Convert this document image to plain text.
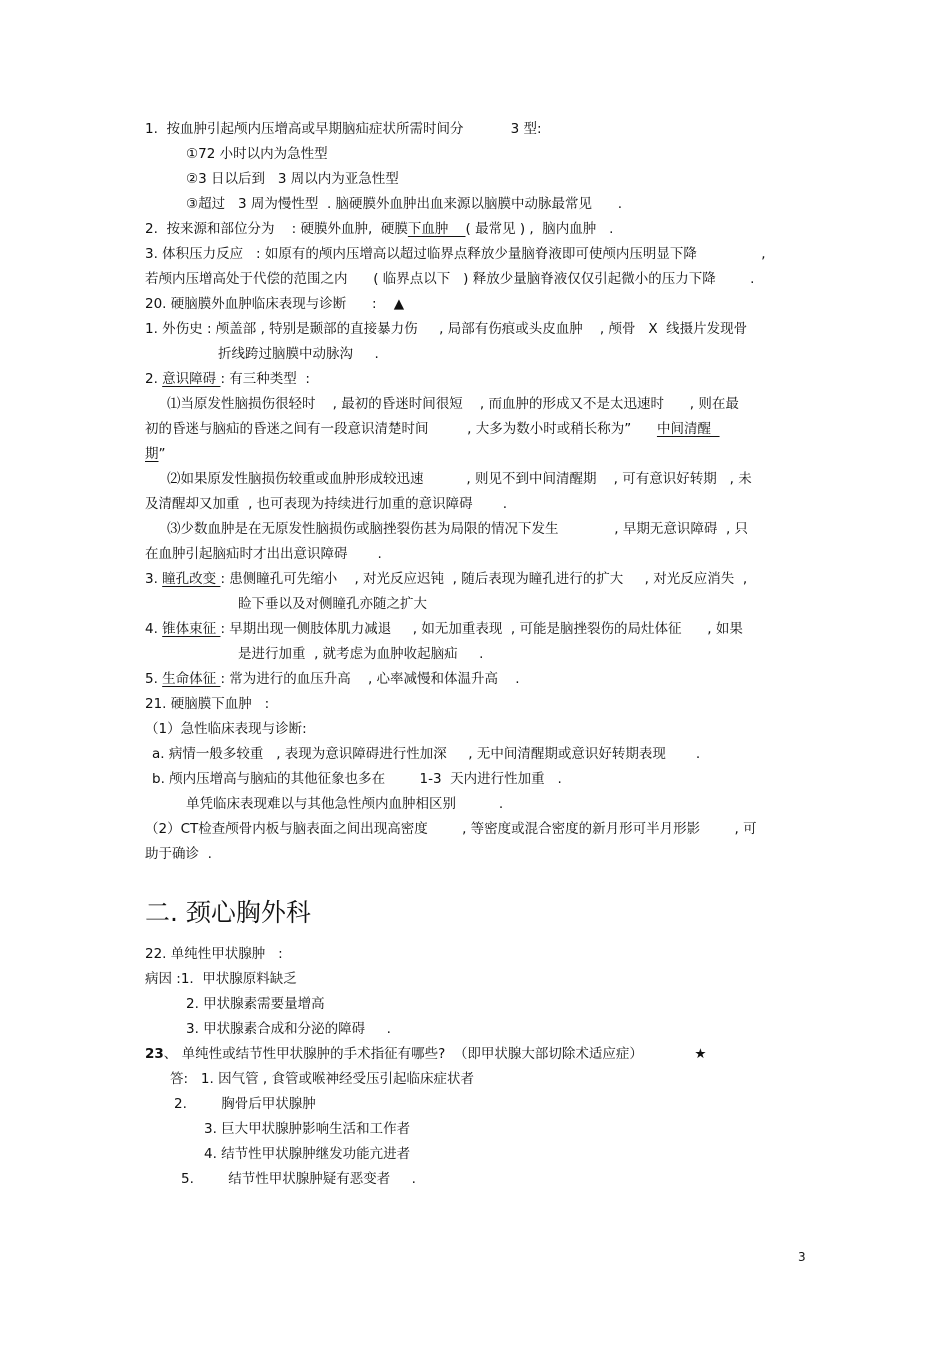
1.  按血肿引起颅内压增高或早期脑疝症状所需时间分           3 型:
①72 小时以内为急性型
②3 日以后到   3 周以内为亚急性型
③超过   3 周为慢性型  . 脑硬膜外血肿出血来源以脑膜中动脉最常见      .
2.  按来源和部位分为    : 硬膜外血肿,  硬膜下血肿    ( 最常见 ) ,  脑内血肿   .
3. 体积压力反应   : 如原有的颅内压增高以超过临界点释放少量脑脊液即可使颅内压明显下降               ,
若颅内压增高处于代偿的范围之内      ( 临界点以下   ) 释放少量脑脊液仅仅引起微小的压力下降        .
20. 硬脑膜外血肿临床表现与诊断      :    ▲
1. 外伤史 : 颅盖部 , 特别是颞部的直接暴力伤     , 局部有伤痕或头皮血肿    , 颅骨   X  线摄片发现骨
折线跨过脑膜中动脉沟     .
2. 意识障碍 : 有三种类型  :
⑴当原发性脑损伤很轻时    , 最初的昏迷时间很短    , 而血肿的形成又不是太迅速时      , 则在最
初的昏迷与脑疝的昏迷之间有一段意识清楚时间         , 大多为数小时或稍长称为”      中间清醒
期”
⑵如果原发性脑损伤较重或血肿形成较迅速          , 则见不到中间清醒期    , 可有意识好转期   , 未
及清醒却又加重  , 也可表现为持续进行加重的意识障碍       .
⑶少数血肿是在无原发性脑损伤或脑挫裂伤甚为局限的情况下发生             , 早期无意识障碍  , 只
在血肿引起脑疝时才出出意识障碍       .
3. 瞳孔改变 : 患侧瞳孔可先缩小    , 对光反应迟钝  , 随后表现为瞳孔进行的扩大     , 对光反应消失  ,
睑下垂以及对侧瞳孔亦随之扩大
4. 锥体束征 : 早期出现一侧肢体肌力减退     , 如无加重表现  , 可能是脑挫裂伤的局灶体征      , 如果
是进行加重  , 就考虑为血肿收起脑疝     .
5. 生命体征 : 常为进行的血压升高    , 心率减慢和体温升高    .
21. 硬脑膜下血肿   :
（1）急性临床表现与诊断:
a. 病情一般多较重   , 表现为意识障碍进行性加深     , 无中间清醒期或意识好转期表现       .
b. 颅内压增高与脑疝的其他征象也多在        1-3  天内进行性加重   .
单凭临床表现难以与其他急性颅内血肿相区别          .
（2）CT检查颅骨内板与脑表面之间出现高密度        , 等密度或混合密度的新月形可半月形影        , 可
助于确诊  .
二. 颈心胸外科
22. 单纯性甲状腺肿   :
病因 :1.  甲状腺原料缺乏
2. 甲状腺素需要量增高
3. 甲状腺素合成和分泌的障碍     .
23、 单纯性或结节性甲状腺肿的手术指征有哪些?  （即甲状腺大部切除术适应症）            ★
答:   1. 因气管 , 食管或喉神经受压引起临床症状者
2.        胸骨后甲状腺肿
3. 巨大甲状腺肿影响生活和工作者
4. 结节性甲状腺肿继发功能亢进者
5.        结节性甲状腺肿疑有恶变者     .
3
